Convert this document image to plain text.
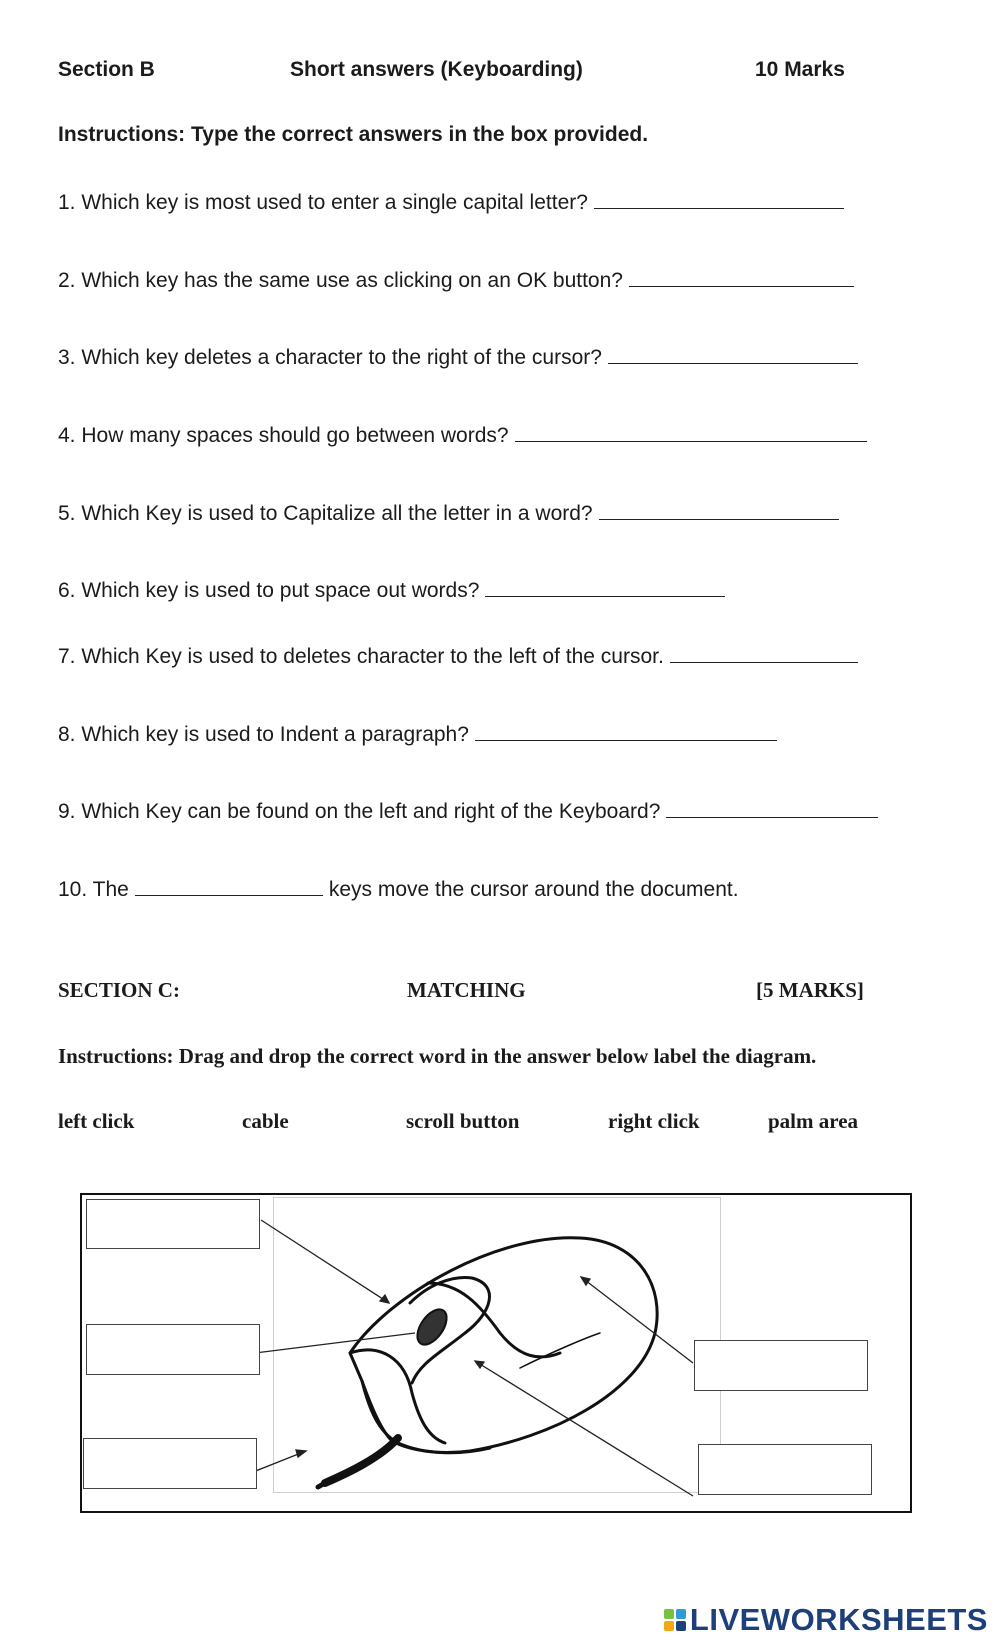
Section B	Short answers (Keyboarding)	10 Marks
Instructions: Type the correct answers in the box provided.
1. Which key is most used to enter a single capital letter?
2. Which key has the same use as clicking on an OK button?
3. Which key deletes a character to the right of the cursor?
4. How many spaces should go between words?
5. Which Key is used to Capitalize all the letter in a word?
6. Which key is used to put space out words?
7. Which Key is used to deletes character to the left of the cursor.
8. Which key is used to Indent a paragraph?
9. Which Key can be found on the left and right of the Keyboard?
10. The	keys move the cursor around the document.
SECTION C:	MATCHING	[5 MARKS]
Instructions: Drag and drop the correct word in the answer below label the diagram.
left click	cable	scroll button	right click	palm area
LIVEWORKSHEETS
